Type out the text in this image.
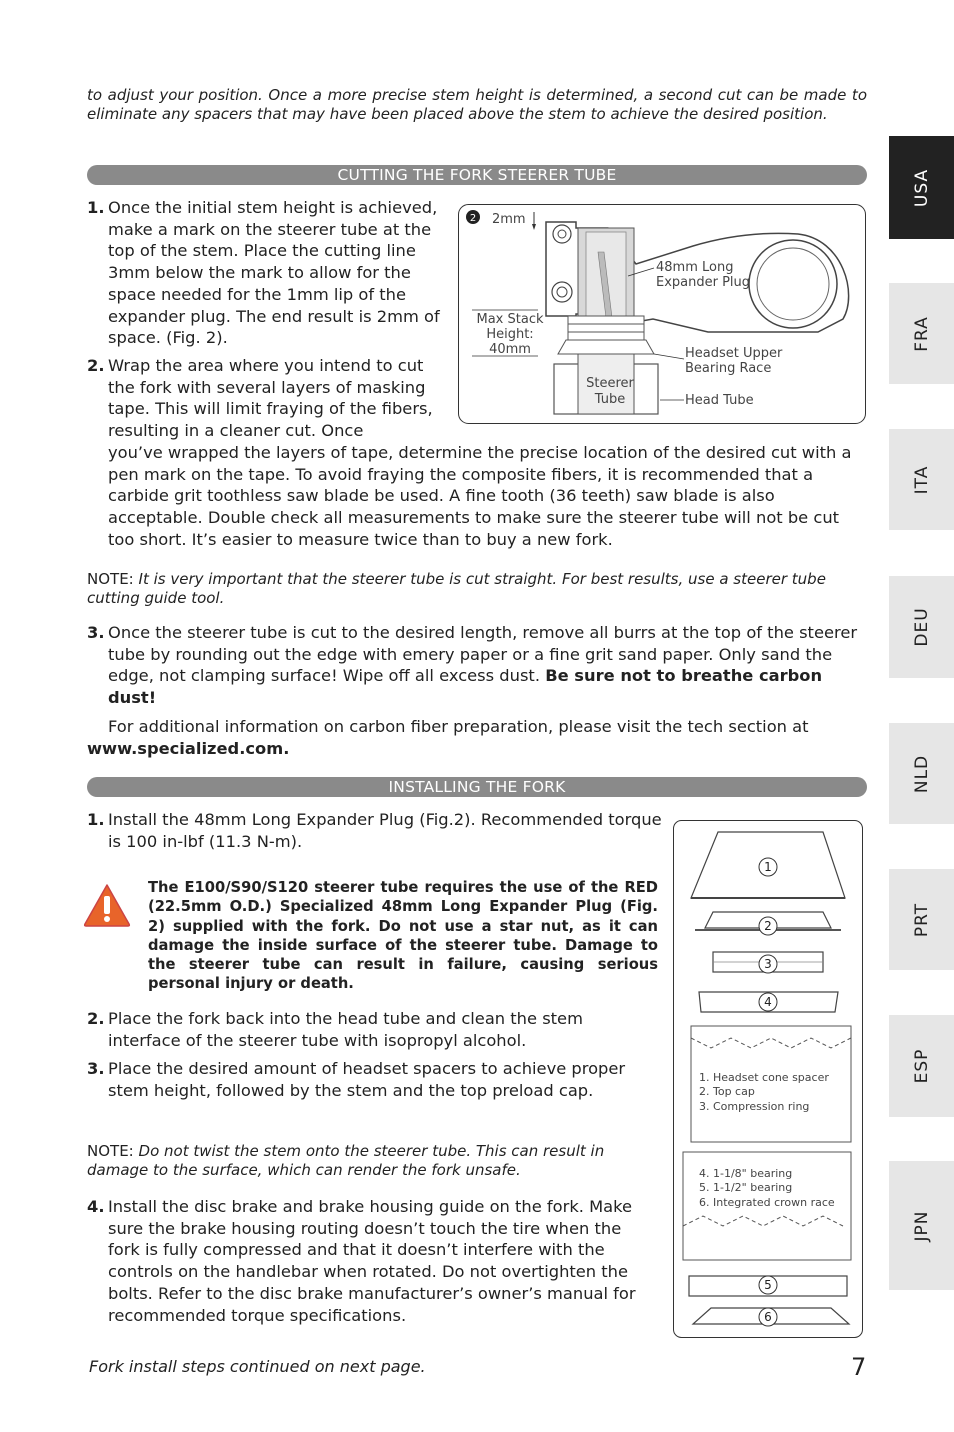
to adjust your position. Once a more precise stem height is determined, a second cut can be made to eliminate any spacers that may have been placed above the stem to achieve the desired position.
CUTTING THE FORK STEERER TUBE
1. Once the initial stem height is achieved, make a mark on the steerer tube at the top of the stem. Place the cutting line 3mm below the mark to allow for the space needed for the 1mm lip of the expander plug. The end result is 2mm of space. (Fig. 2).
2. Wrap the area where you intend to cut the fork with several layers of masking tape. This will limit fraying of the fibers, resulting in a cleaner cut. Once
you’ve wrapped the layers of tape, determine the precise location of the desired cut with a pen mark on the tape. To avoid fraying the composite fibers, it is recommended that a carbide grit toothless saw blade be used. A fine tooth (36 teeth) saw blade is also acceptable. Double check all measurements to make sure the steerer tube will not be cut too short. It’s easier to measure twice than to buy a new fork.
2 2mm
48mm Long
Expander Plug
Max Stack
Height:
40mm	Headset Upper
Bearing Race
Steerer
Tube	Head Tube
NOTE: It is very important that the steerer tube is cut straight. For best results, use a steerer tube cutting guide tool.
3. Once the steerer tube is cut to the desired length, remove all burrs at the top of the steerer tube by rounding out the edge with emery paper or a fine grit sand paper. Only sand the edge, not clamping surface! Wipe off all excess dust. Be sure not to breathe carbon dust!
For additional information on carbon fiber preparation, please visit the tech section at www.specialized.com.
INSTALLING THE FORK
1. Install the 48mm Long Expander Plug (Fig.2). Recommended torque is 100 in-lbf (11.3 N-m).
The E100/S90/S120 steerer tube requires the use of the RED (22.5mm O.D.) Specialized 48mm Long Expander Plug (Fig. 2) supplied with the fork. Do not use a star nut, as it can damage the inside surface of the steerer tube. Damage to the steerer tube can result in failure, causing serious personal injury or death.
2. Place the fork back into the head tube and clean the stem interface of the steerer tube with isopropyl alcohol.
3. Place the desired amount of headset spacers to achieve proper stem height, followed by the stem and the top preload cap.
NOTE: Do not twist the stem onto the steerer tube. This can result in damage to the surface, which can render the fork unsafe.
4. Install the disc brake and brake housing guide on the fork. Make sure the brake housing routing doesn’t touch the tire when the fork is fully compressed and that it doesn’t interfere with the controls on the handlebar when rotated. Do not overtighten the bolts. Refer to the disc brake manufacturer’s owner’s manual for recommended torque specifications.
1
2
3
4
5
6
1. Headset cone spacer
2. Top cap
3. Compression ring
4. 1-1/8" bearing
5. 1-1/2" bearing
6. Integrated crown race
USA
FRA
ITA
DEU
NLD
PRT
ESP
JPN
Fork install steps continued on next page.	7
